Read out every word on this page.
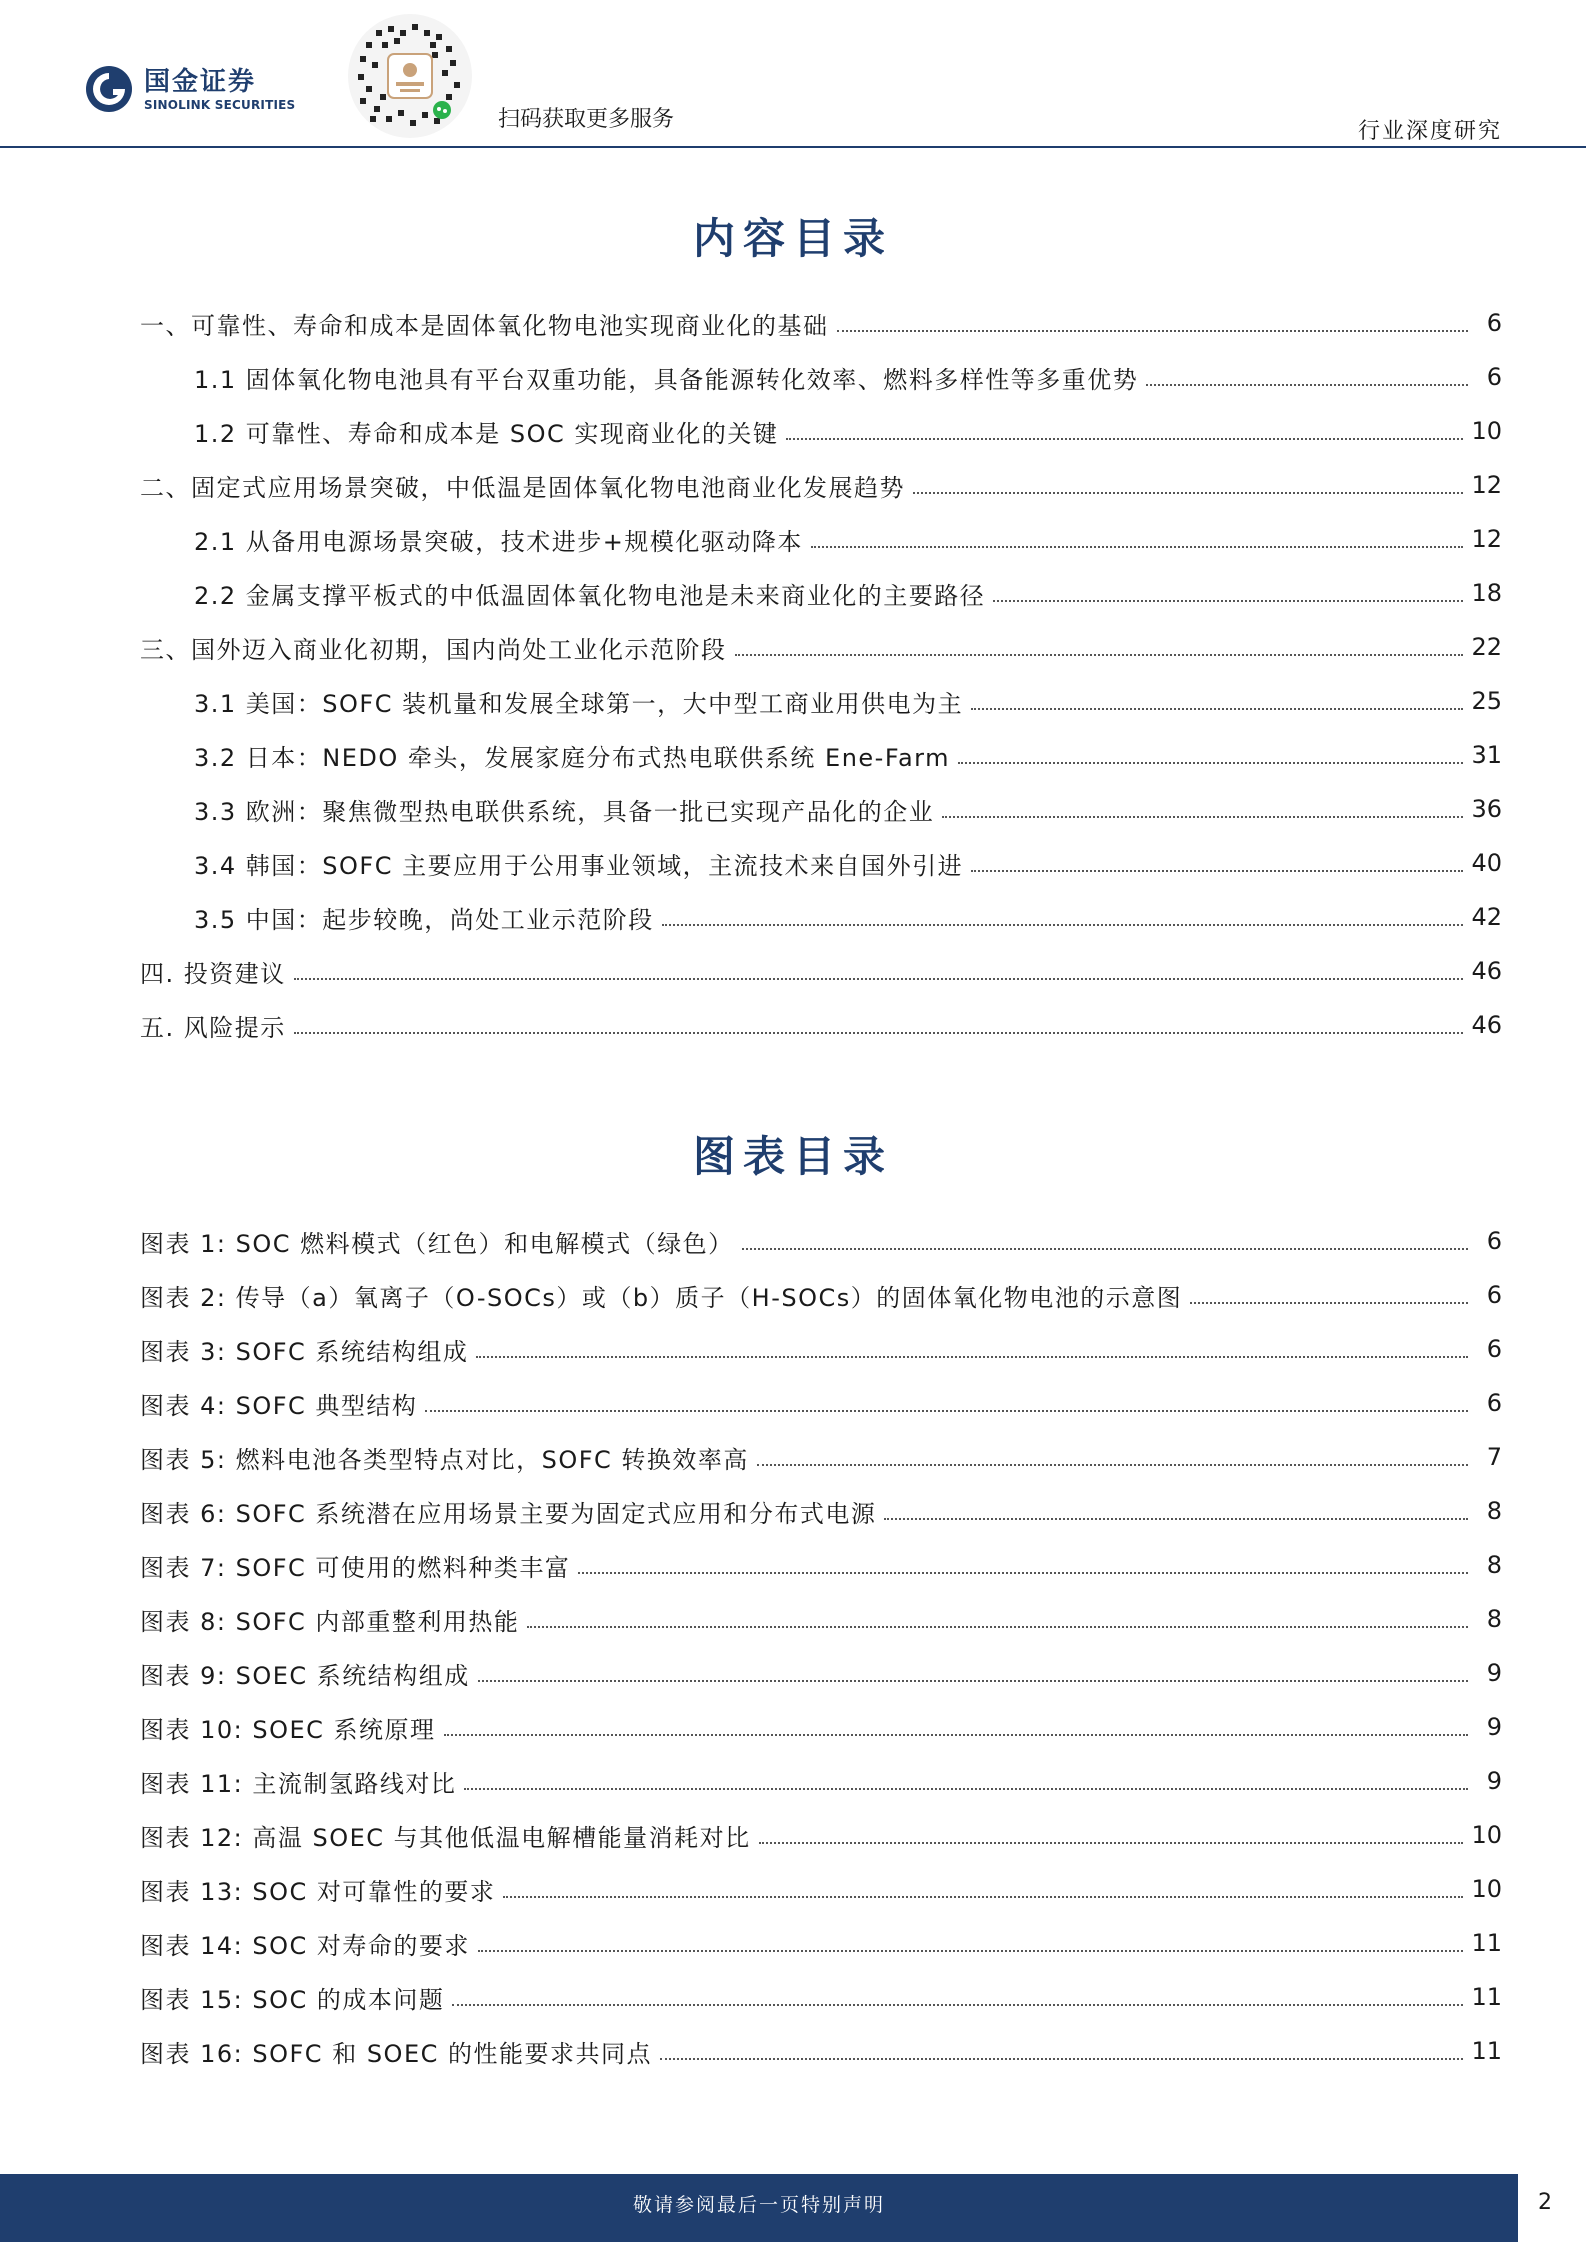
国金证券
SINOLINK SECURITIES
扫码获取更多服务	行业深度研究
内容目录
一、可靠性、寿命和成本是固体氧化物电池实现商业化的基础	6
1.1 固体氧化物电池具有平台双重功能，具备能源转化效率、燃料多样性等多重优势	6
1.2 可靠性、寿命和成本是 SOC 实现商业化的关键	10
二、固定式应用场景突破，中低温是固体氧化物电池商业化发展趋势	12
2.1 从备用电源场景突破，技术进步+规模化驱动降本	12
2.2 金属支撑平板式的中低温固体氧化物电池是未来商业化的主要路径	18
三、国外迈入商业化初期，国内尚处工业化示范阶段	22
3.1 美国：SOFC 装机量和发展全球第一，大中型工商业用供电为主	25
3.2 日本：NEDO 牵头，发展家庭分布式热电联供系统 Ene-Farm	31
3.3 欧洲：聚焦微型热电联供系统，具备一批已实现产品化的企业	36
3.4 韩国：SOFC 主要应用于公用事业领域，主流技术来自国外引进	40
3.5 中国：起步较晚，尚处工业示范阶段	42
四. 投资建议	46
五. 风险提示	46
图表目录
图表 1: SOC 燃料模式（红色）和电解模式（绿色）	6
图表 2: 传导（a）氧离子（O-SOCs）或（b）质子（H-SOCs）的固体氧化物电池的示意图	6
图表 3: SOFC 系统结构组成	6
图表 4: SOFC 典型结构	6
图表 5: 燃料电池各类型特点对比，SOFC 转换效率高	7
图表 6: SOFC 系统潜在应用场景主要为固定式应用和分布式电源	8
图表 7: SOFC 可使用的燃料种类丰富	8
图表 8: SOFC 内部重整利用热能	8
图表 9: SOEC 系统结构组成	9
图表 10: SOEC 系统原理	9
图表 11: 主流制氢路线对比	9
图表 12: 高温 SOEC 与其他低温电解槽能量消耗对比	10
图表 13: SOC 对可靠性的要求	10
图表 14: SOC 对寿命的要求	11
图表 15: SOC 的成本问题	11
图表 16: SOFC 和 SOEC 的性能要求共同点	11
敬请参阅最后一页特别声明	2
